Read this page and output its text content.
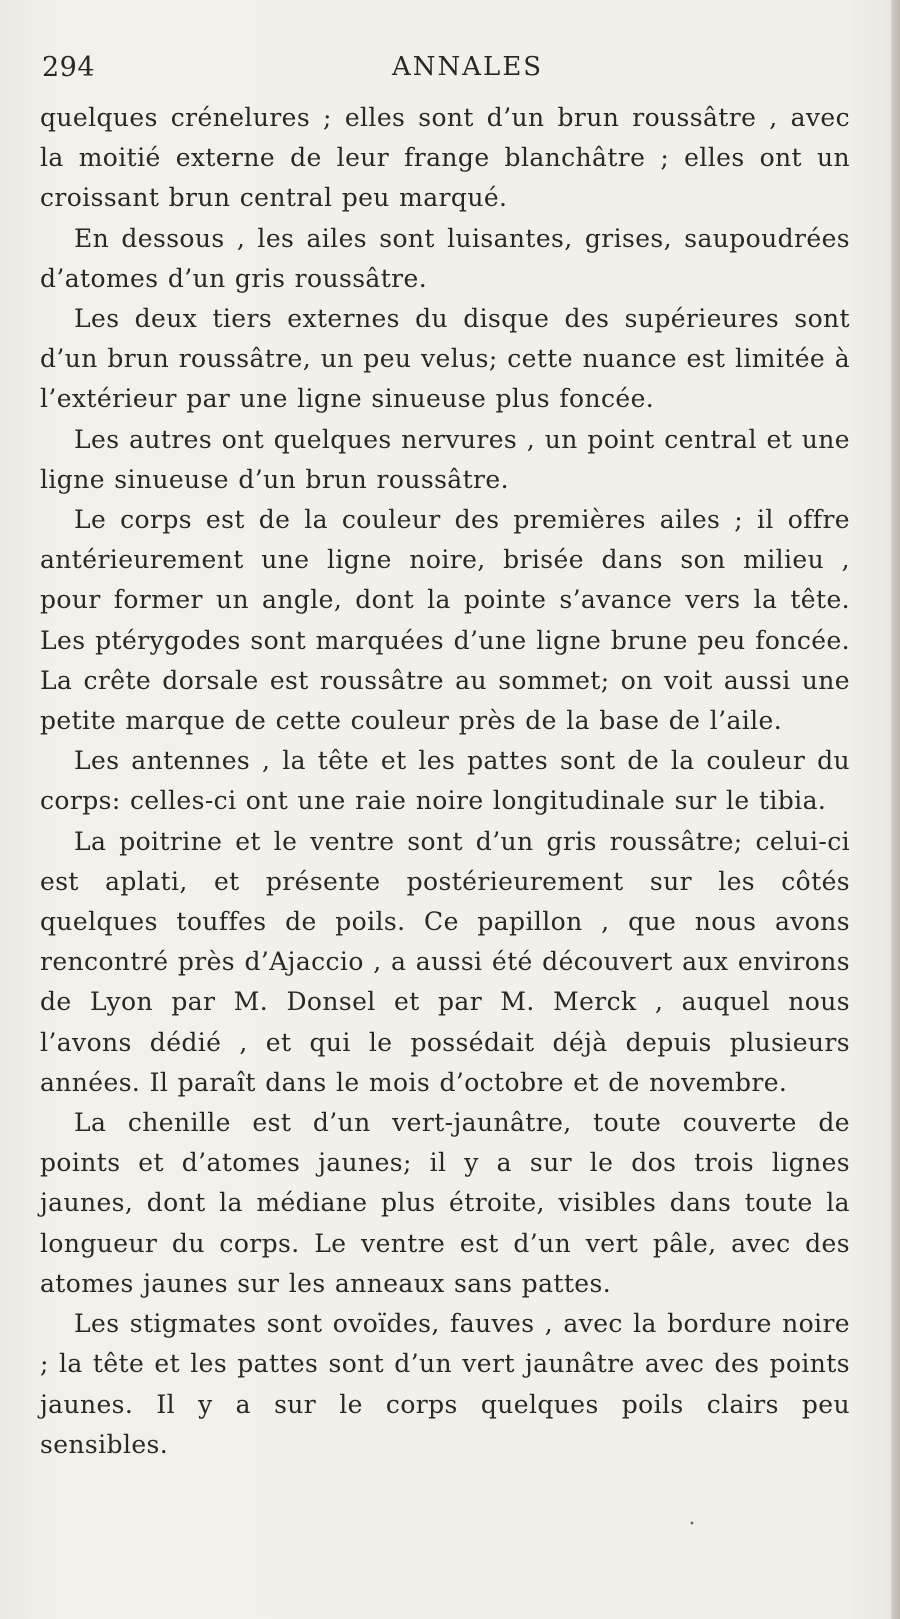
294	ANNALES

quelques crénelures ; elles sont d’un brun roussâtre , avec la moitié externe de leur frange blanchâtre ; elles ont un croissant brun central peu marqué.

En dessous , les ailes sont luisantes, grises, saupoudrées d’atomes d’un gris roussâtre.

Les deux tiers externes du disque des supérieures sont d’un brun roussâtre, un peu velus; cette nuance est limitée à l’extérieur par une ligne sinueuse plus foncée.

Les autres ont quelques nervures , un point central et une ligne sinueuse d’un brun roussâtre.

Le corps est de la couleur des premières ailes ; il offre antérieurement une ligne noire, brisée dans son milieu , pour former un angle, dont la pointe s’avance vers la tête. Les ptérygodes sont marquées d’une ligne brune peu foncée. La crête dorsale est roussâtre au sommet; on voit aussi une petite marque de cette couleur près de la base de l’aile.

Les antennes , la tête et les pattes sont de la couleur du corps: celles-ci ont une raie noire longitudinale sur le tibia.

La poitrine et le ventre sont d’un gris roussâtre; celui-ci est aplati, et présente postérieurement sur les côtés quelques touffes de poils. Ce papillon , que nous avons rencontré près d’Ajaccio , a aussi été découvert aux environs de Lyon par M. Donsel et par M. Merck , auquel nous l’avons dédié , et qui le possédait déjà depuis plusieurs années. Il paraît dans le mois d’octobre et de novembre.

La chenille est d’un vert-jaunâtre, toute couverte de points et d’atomes jaunes; il y a sur le dos trois lignes jaunes, dont la médiane plus étroite, visibles dans toute la longueur du corps. Le ventre est d’un vert pâle, avec des atomes jaunes sur les anneaux sans pattes.

Les stigmates sont ovoïdes, fauves , avec la bordure noire ; la tête et les pattes sont d’un vert jaunâtre avec des points jaunes. Il y a sur le corps quelques poils clairs peu sensibles.

•
